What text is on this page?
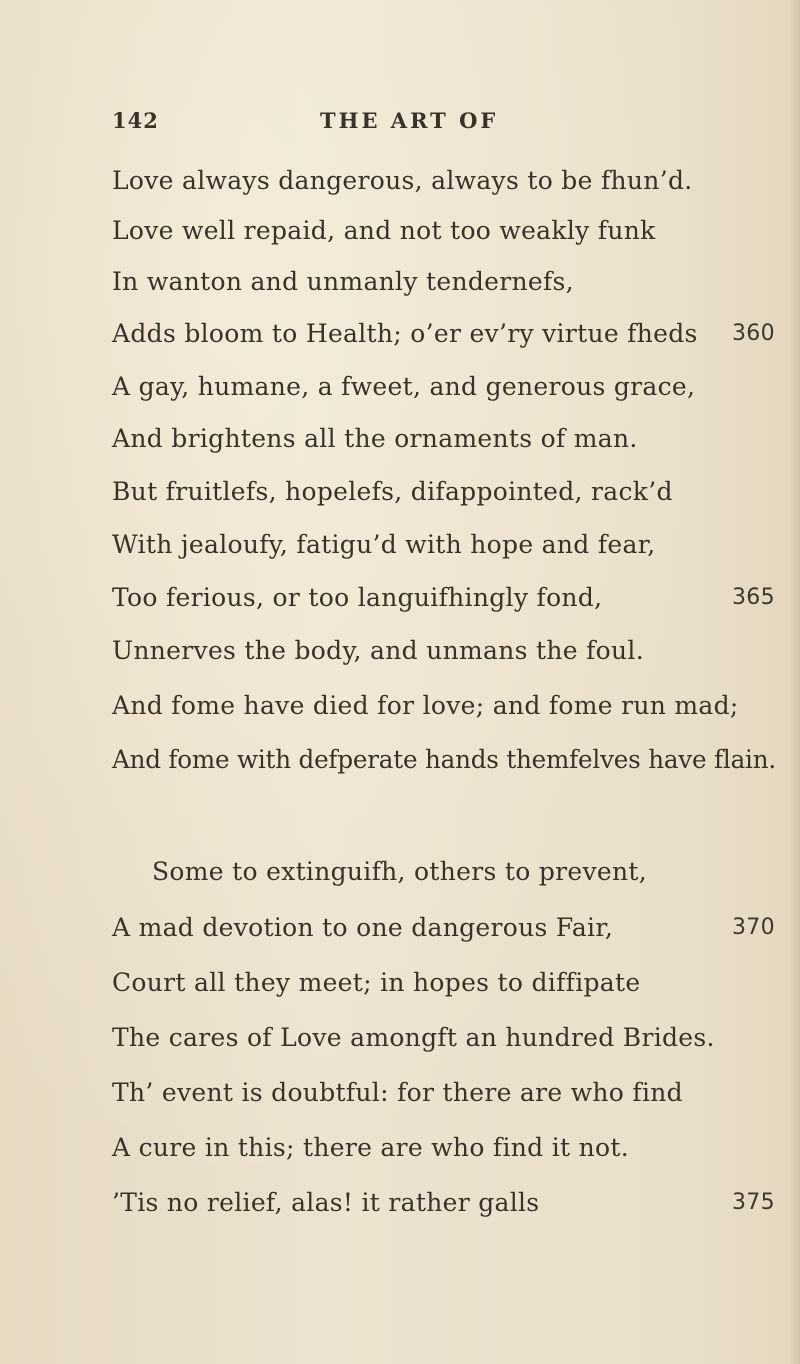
142	THE ART OF
Love always dangerous, always to be fhun’d.
Love well repaid, and not too weakly funk
In wanton and unmanly tendernefs,
Adds bloom to Health; o’er ev’ry virtue fheds 360
A gay, humane, a fweet, and generous grace,
And brightens all the ornaments of man.
But fruitlefs, hopelefs, difappointed, rack’d
With jealoufy, fatigu’d with hope and fear,
Too ferious, or too languifhingly fond,	365
Unnerves the body, and unmans the foul.
And fome have died for love; and fome run mad;
And fome with defperate hands themfelves have flain.
Some to extinguifh, others to prevent,
A mad devotion to one dangerous Fair,	370
Court all they meet; in hopes to diffipate
The cares of Love amongft an hundred Brides.
Th’ event is doubtful: for there are who find
A cure in this; there are who find it not.
’Tis no relief, alas! it rather galls	375
